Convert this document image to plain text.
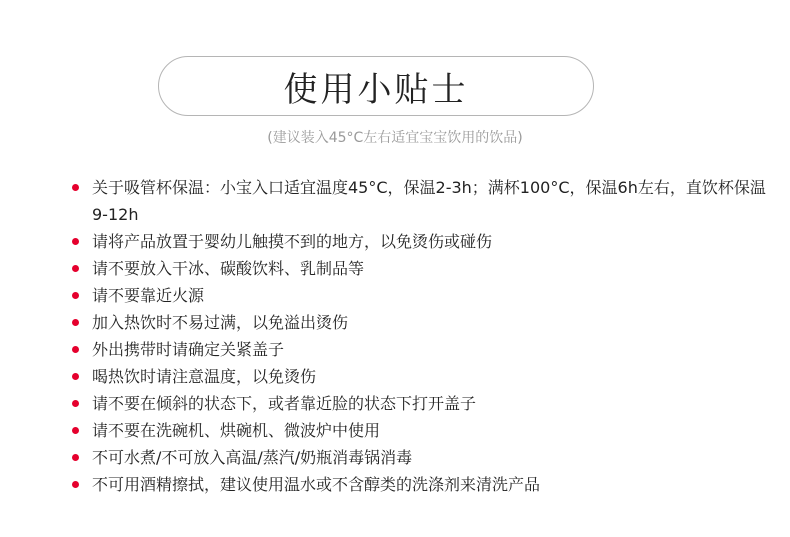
使用小贴士
(建议装入45°C左右适宜宝宝饮用的饮品)
关于吸管杯保温：小宝入口适宜温度45°C，保温2-3h；满杯100°C，保温6h左右，直饮杯保温9-12h
请将产品放置于婴幼儿触摸不到的地方，以免烫伤或碰伤
请不要放入干冰、碳酸饮料、乳制品等
请不要靠近火源
加入热饮时不易过满，以免溢出烫伤
外出携带时请确定关紧盖子
喝热饮时请注意温度，以免烫伤
请不要在倾斜的状态下，或者靠近脸的状态下打开盖子
请不要在洗碗机、烘碗机、微波炉中使用
不可水煮/不可放入高温/蒸汽/奶瓶消毒锅消毒
不可用酒精擦拭，建议使用温水或不含醇类的洗涤剂来清洗产品
